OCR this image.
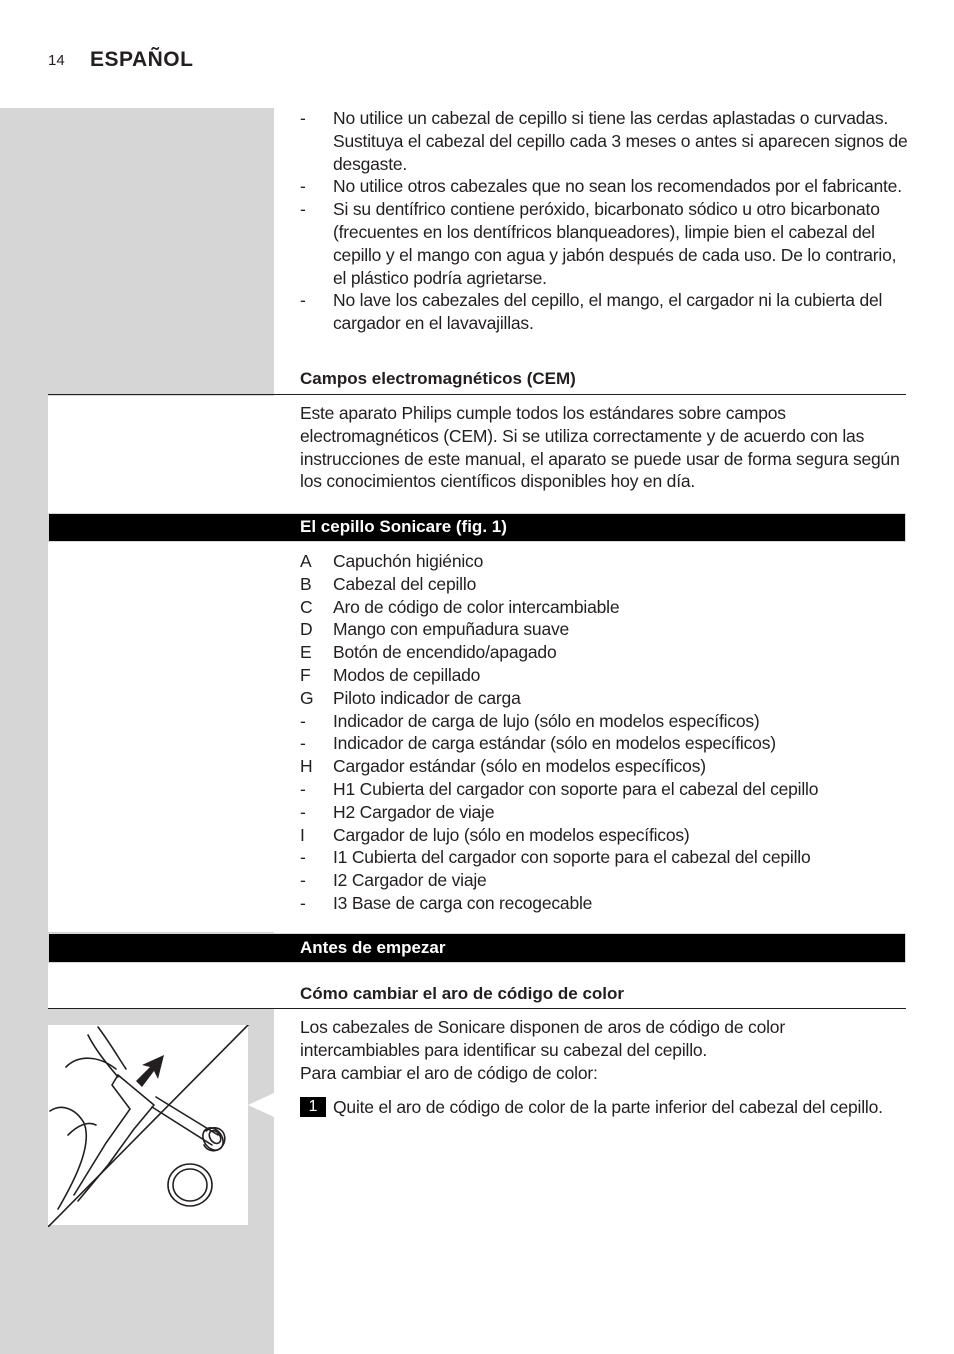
14 ESPAÑOL
- No utilice un cabezal de cepillo si tiene las cerdas aplastadas o curvadas. Sustituya el cabezal del cepillo cada 3 meses o antes si aparecen signos de desgaste.
- No utilice otros cabezales que no sean los recomendados por el fabricante.
- Si su dentífrico contiene peróxido, bicarbonato sódico u otro bicarbonato (frecuentes en los dentífricos blanqueadores), limpie bien el cabezal del cepillo y el mango con agua y jabón después de cada uso. De lo contrario, el plástico podría agrietarse.
- No lave los cabezales del cepillo, el mango, el cargador ni la cubierta del cargador en el lavavajillas.
Campos electromagnéticos (CEM)
Este aparato Philips cumple todos los estándares sobre campos electromagnéticos (CEM). Si se utiliza correctamente y de acuerdo con las instrucciones de este manual, el aparato se puede usar de forma segura según los conocimientos científicos disponibles hoy en día.
El cepillo Sonicare (fig. 1)
A Capuchón higiénico
B Cabezal del cepillo
C Aro de código de color intercambiable
D Mango con empuñadura suave
E Botón de encendido/apagado
F Modos de cepillado
G Piloto indicador de carga
- Indicador de carga de lujo (sólo en modelos específicos)
- Indicador de carga estándar (sólo en modelos específicos)
H Cargador estándar (sólo en modelos específicos)
- H1 Cubierta del cargador con soporte para el cabezal del cepillo
- H2 Cargador de viaje
I Cargador de lujo (sólo en modelos específicos)
- I1 Cubierta del cargador con soporte para el cabezal del cepillo
- I2 Cargador de viaje
- I3 Base de carga con recogecable
Antes de empezar
Cómo cambiar el aro de código de color
Los cabezales de Sonicare disponen de aros de código de color intercambiables para identificar su cabezal del cepillo.
Para cambiar el aro de código de color:
1 Quite el aro de código de color de la parte inferior del cabezal del cepillo.
